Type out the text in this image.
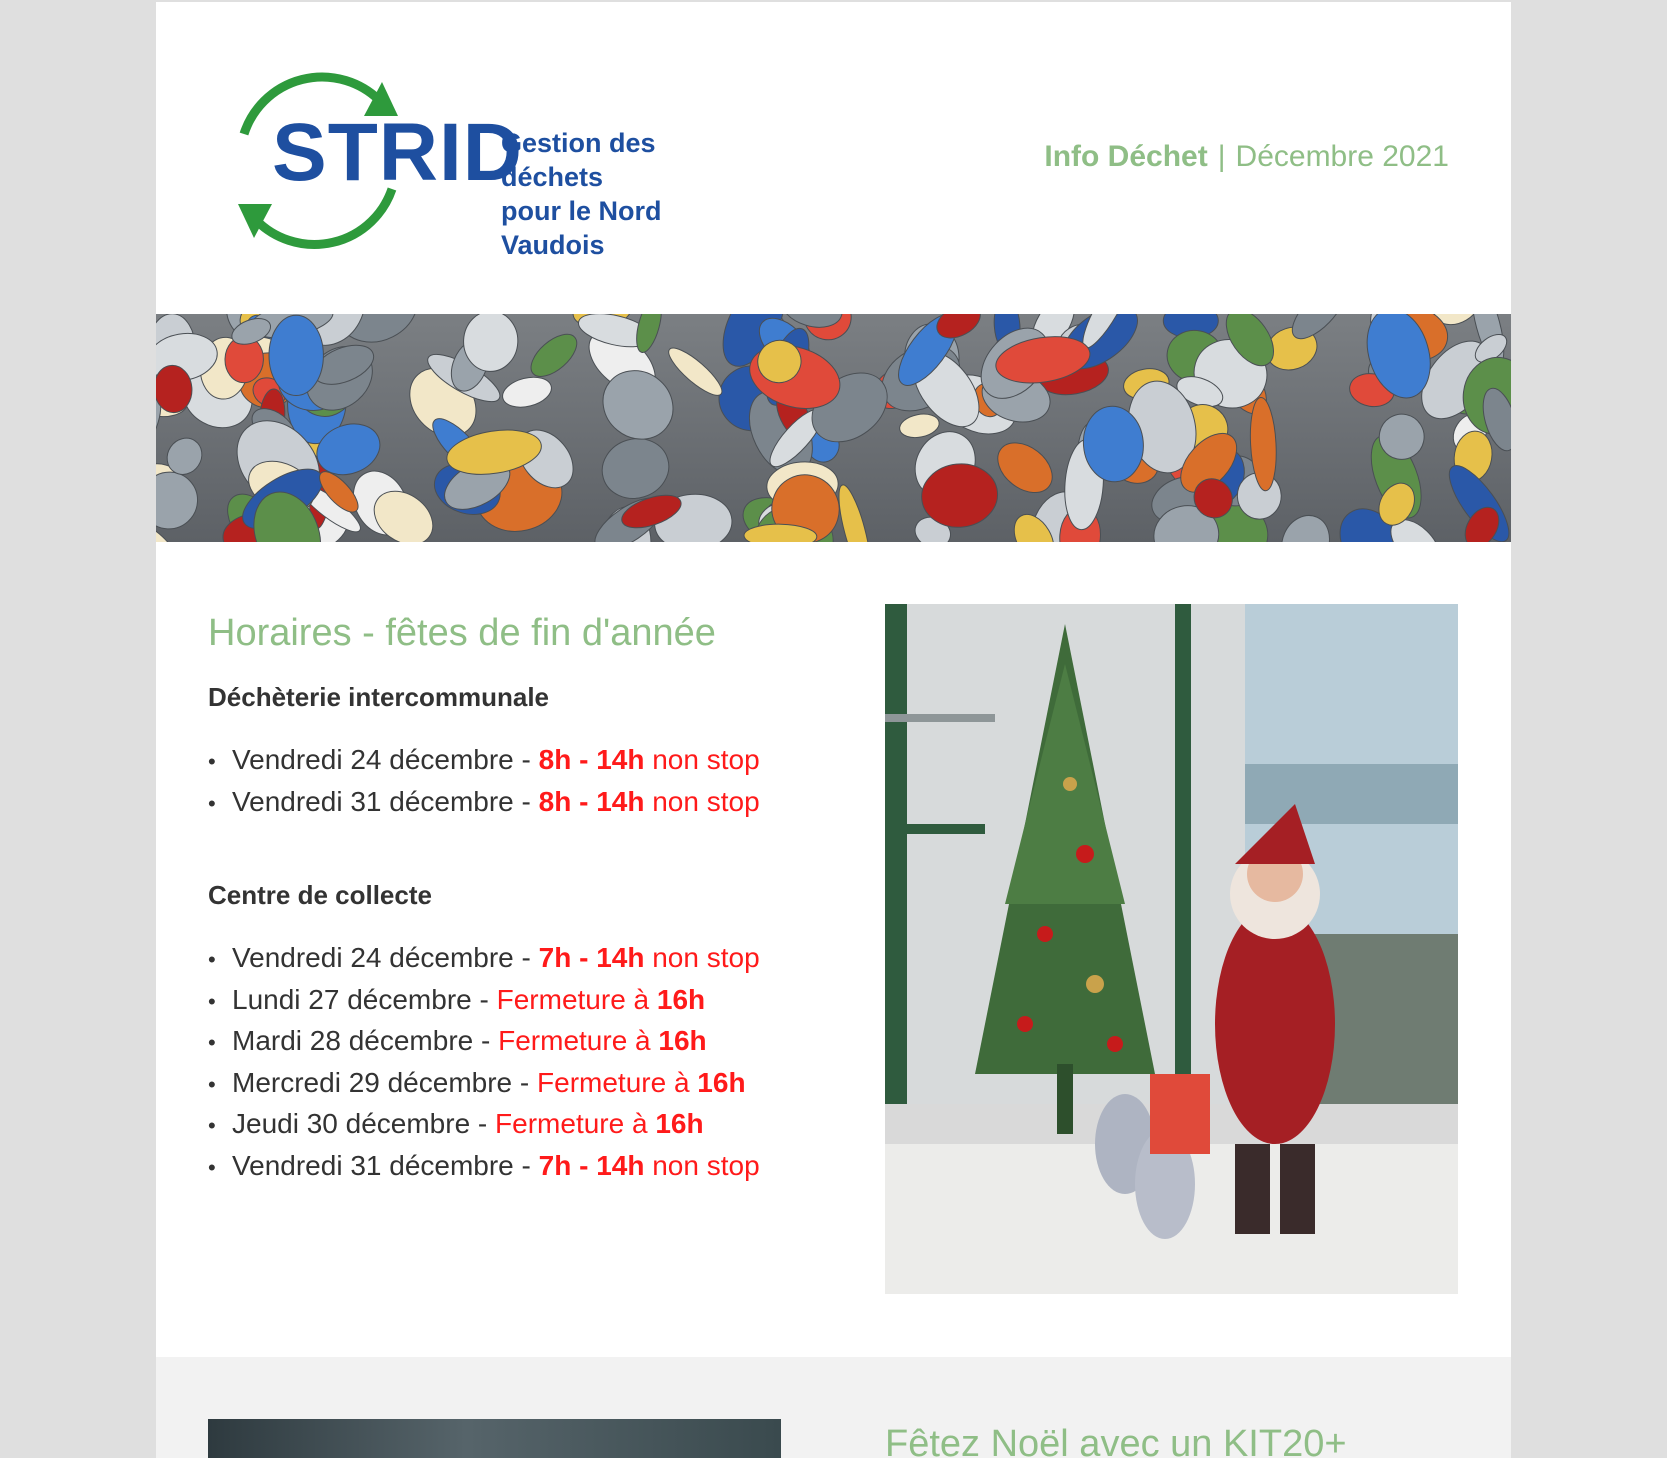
STRID
Gestion des déchets
pour le Nord Vaudois
Info Déchet | Décembre 2021
Horaires - fêtes de fin d'année
Déchèterie intercommunale
• Vendredi 24 décembre - 8h - 14h non stop
• Vendredi 31 décembre - 8h - 14h non stop
Centre de collecte
• Vendredi 24 décembre - 7h - 14h non stop
• Lundi 27 décembre - Fermeture à 16h
• Mardi 28 décembre - Fermeture à 16h
• Mercredi 29 décembre - Fermeture à 16h
• Jeudi 30 décembre - Fermeture à 16h
• Vendredi 31 décembre - 7h - 14h non stop
Fêtez Noël avec un KIT20+
